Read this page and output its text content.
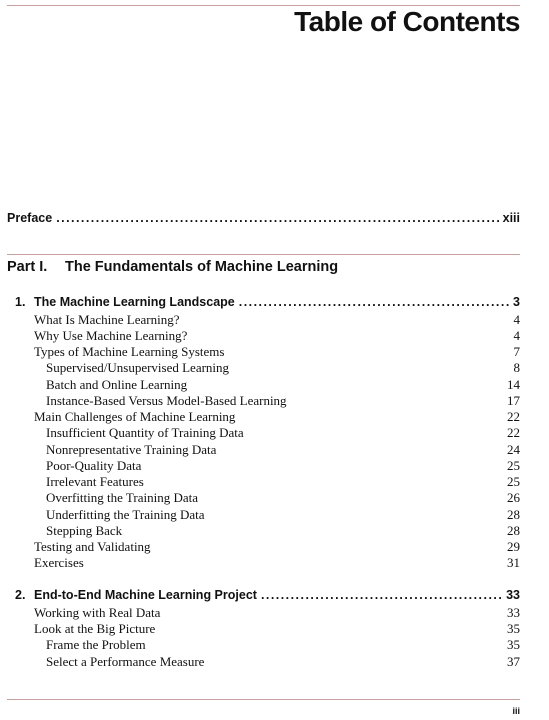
Table of Contents
Preface . . .	xiii
Part I. The Fundamentals of Machine Learning
1. The Machine Learning Landscape . . .	3
What Is Machine Learning?	4
Why Use Machine Learning?	4
Types of Machine Learning Systems	7
Supervised/Unsupervised Learning	8
Batch and Online Learning	14
Instance-Based Versus Model-Based Learning	17
Main Challenges of Machine Learning	22
Insufficient Quantity of Training Data	22
Nonrepresentative Training Data	24
Poor-Quality Data	25
Irrelevant Features	25
Overfitting the Training Data	26
Underfitting the Training Data	28
Stepping Back	28
Testing and Validating	29
Exercises	31
2. End-to-End Machine Learning Project . . .	33
Working with Real Data	33
Look at the Big Picture	35
Frame the Problem	35
Select a Performance Measure	37
iii
